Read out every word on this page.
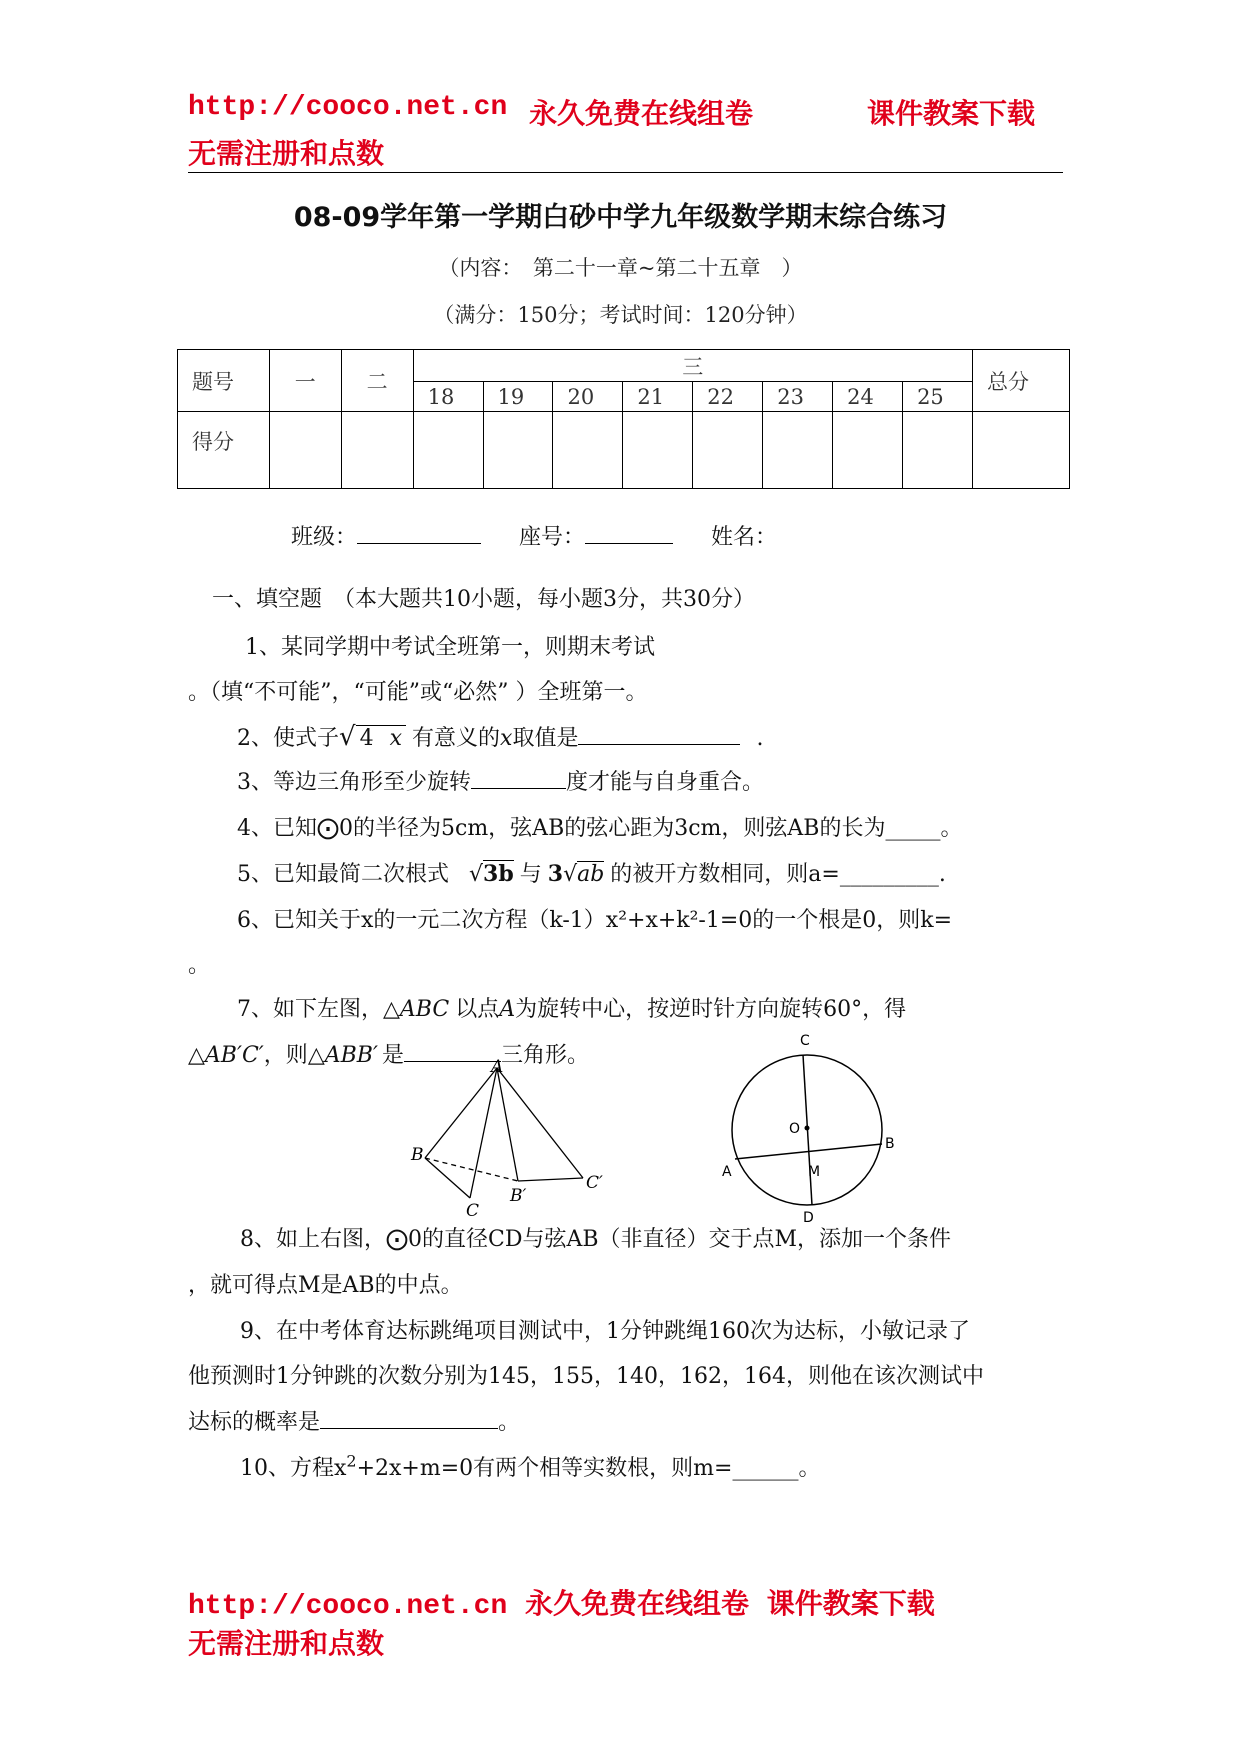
http://cooco.net.cn 永久免费在线组卷	课件教案下载
无需注册和点数
08-09学年第一学期白砂中学九年级数学期末综合练习
（内容：　第二十一章~第二十五章　）
（满分：150分；考试时间：120分钟）
题号	一	二	三								总分
			18	19	20	21	22	23	24	25	
得分											
班级：	座号：	姓名：
一、填空题　（本大题共10小题，每小题3分，共30分）
1、某同学期中考试全班第一，则期末考试
。（填“不可能”，“可能”或“必然” ）全班第一。
2、使式子√ 4 x 有意义的x取值是	.
3、等边三角形至少旋转	度才能与自身重合。
4、已知⨀0的半径为5cm，弦AB的弦心距为3cm，则弦AB的长为_____。
5、已知最简二次根式 √3b 与 3√ab 的被开方数相同，则a=_________.
6、已知关于x的一元二次方程（k-1）x²+x+k²-1=0的一个根是0，则k=
。
7、如下左图，△ABC 以点A为旋转中心，按逆时针方向旋转60°，得
△AB′C′，则△ABB′ 是	三角形。
A
B
C
B′
C′
C
O
B
M
A
D
8、如上右图，⨀0的直径CD与弦AB（非直径）交于点M，添加一个条件
，就可得点M是AB的中点。
9、在中考体育达标跳绳项目测试中，1分钟跳绳160次为达标，小敏记录了
他预测时1分钟跳的次数分别为145，155，140，162，164，则他在该次测试中
达标的概率是	。
10、方程$x^2+2x+m=0$有两个相等实数根，则m=______。
http://cooco.net.cn 永久免费在线组卷 课件教案下载
无需注册和点数
